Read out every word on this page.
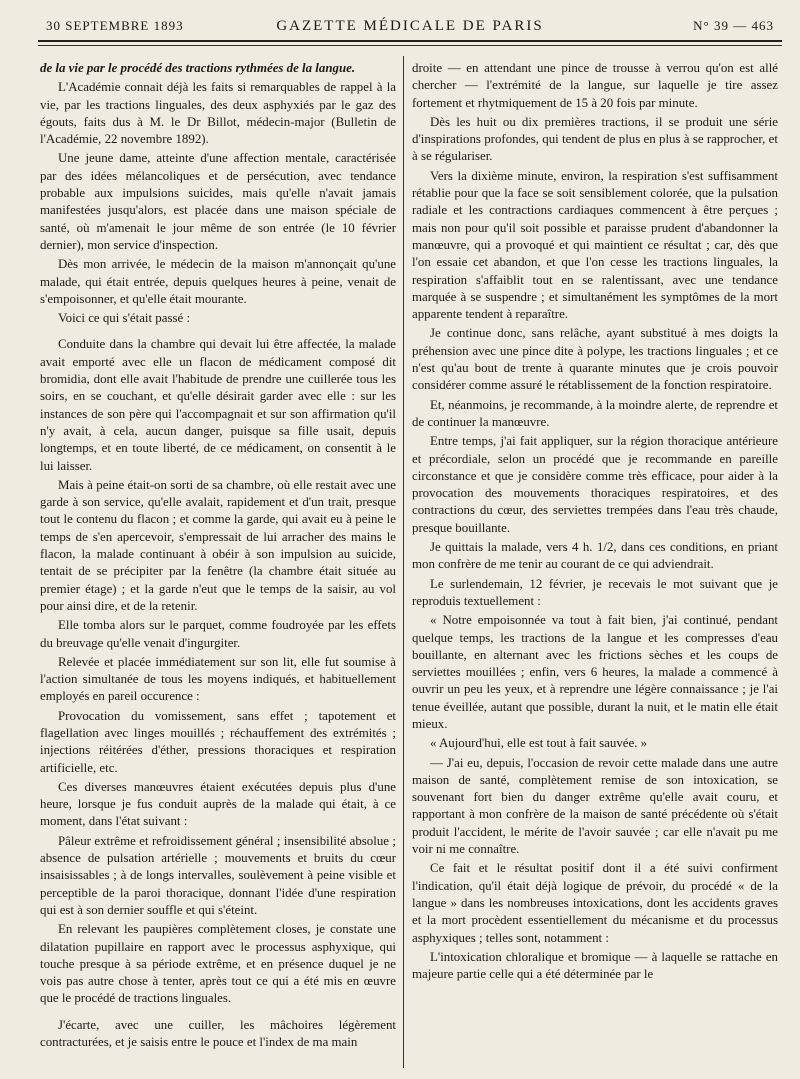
30 SEPTEMBRE 1893	GAZETTE MÉDICALE DE PARIS	N° 39 — 463

de la vie par le procédé des tractions rythmées de la langue.

L'Académie connait déjà les faits si remarquables de rappel à la vie, par les tractions linguales, des deux asphyxiés par le gaz des égouts, faits dus à M. le Dr Billot, médecin-major (Bulletin de l'Académie, 22 novembre 1892).

Une jeune dame, atteinte d'une affection mentale, caractérisée par des idées mélancoliques et de persécution, avec tendance probable aux impulsions suicides, mais qu'elle n'avait jamais manifestées jusqu'alors, est placée dans une maison spéciale de santé, où m'amenait le jour même de son entrée (le 10 février dernier), mon service d'inspection.

Dès mon arrivée, le médecin de la maison m'annonçait qu'une malade, qui était entrée, depuis quelques heures à peine, venait de s'empoisonner, et qu'elle était mourante.

Voici ce qui s'était passé :

Conduite dans la chambre qui devait lui être affectée, la malade avait emporté avec elle un flacon de médicament composé dit bromidia, dont elle avait l'habitude de prendre une cuillerée tous les soirs, en se couchant, et qu'elle désirait garder avec elle : sur les instances de son père qui l'accompagnait et sur son affirmation qu'il n'y avait, à cela, aucun danger, puisque sa fille usait, depuis longtemps, et en toute liberté, de ce médicament, on consentit à le lui laisser.

Mais à peine était-on sorti de sa chambre, où elle restait avec une garde à son service, qu'elle avalait, rapidement et d'un trait, presque tout le contenu du flacon ; et comme la garde, qui avait eu à peine le temps de s'en apercevoir, s'empressait de lui arracher des mains le flacon, la malade continuant à obéir à son impulsion au suicide, tentait de se précipiter par la fenêtre (la chambre était située au premier étage) ; et la garde n'eut que le temps de la saisir, au vol pour ainsi dire, et de la retenir.

Elle tomba alors sur le parquet, comme foudroyée par les effets du breuvage qu'elle venait d'ingurgiter.

Relevée et placée immédiatement sur son lit, elle fut soumise à l'action simultanée de tous les moyens indiqués, et habituellement employés en pareil occurence :

Provocation du vomissement, sans effet ; tapotement et flagellation avec linges mouillés ; réchauffement des extrémités ; injections réitérées d'éther, pressions thoraciques et respiration artificielle, etc.

Ces diverses manœuvres étaient exécutées depuis plus d'une heure, lorsque je fus conduit auprès de la malade qui était, à ce moment, dans l'état suivant :

Pâleur extrême et refroidissement général ; insensibilité absolue ; absence de pulsation artérielle ; mouvements et bruits du cœur insaisissables ; à de longs intervalles, soulèvement à peine visible et perceptible de la paroi thoracique, donnant l'idée d'une respiration qui est à son dernier souffle et qui s'éteint.

En relevant les paupières complètement closes, je constate une dilatation pupillaire en rapport avec le processus asphyxique, qui touche presque à sa période extrême, et en présence duquel je ne vois pas autre chose à tenter, après tout ce qui a été mis en œuvre que le procédé de tractions linguales.

J'écarte, avec une cuiller, les mâchoires légèrement contracturées, et je saisis entre le pouce et l'index de ma main

droite — en attendant une pince de trousse à verrou qu'on est allé chercher — l'extrémité de la langue, sur laquelle je tire assez fortement et rhytmiquement de 15 à 20 fois par minute.

Dès les huit ou dix premières tractions, il se produit une série d'inspirations profondes, qui tendent de plus en plus à se rapprocher, et à se régulariser.

Vers la dixième minute, environ, la respiration s'est suffisamment rétablie pour que la face se soit sensiblement colorée, que la pulsation radiale et les contractions cardiaques commencent à être perçues ; mais non pour qu'il soit possible et paraisse prudent d'abandonner la manœuvre, qui a provoqué et qui maintient ce résultat ; car, dès que l'on essaie cet abandon, et que l'on cesse les tractions linguales, la respiration s'affaiblit tout en se ralentissant, avec une tendance marquée à se suspendre ; et simultanément les symptômes de la mort apparente tendent à reparaître.

Je continue donc, sans relâche, ayant substitué à mes doigts la préhension avec une pince dite à polype, les tractions linguales ; et ce n'est qu'au bout de trente à quarante minutes que je crois pouvoir considérer comme assuré le rétablissement de la fonction respiratoire.

Et, néanmoins, je recommande, à la moindre alerte, de reprendre et de continuer la manœuvre.

Entre temps, j'ai fait appliquer, sur la région thoracique antérieure et précordiale, selon un procédé que je recommande en pareille circonstance et que je considère comme très efficace, pour aider à la provocation des mouvements thoraciques respiratoires, et des contractions du cœur, des serviettes trempées dans l'eau très chaude, presque bouillante.

Je quittais la malade, vers 4 h. 1/2, dans ces conditions, en priant mon confrère de me tenir au courant de ce qui adviendrait.

Le surlendemain, 12 février, je recevais le mot suivant que je reproduis textuellement :

« Notre empoisonnée va tout à fait bien, j'ai continué, pendant quelque temps, les tractions de la langue et les compresses d'eau bouillante, en alternant avec les frictions sèches et les coups de serviettes mouillées ; enfin, vers 6 heures, la malade a commencé à ouvrir un peu les yeux, et à reprendre une légère connaissance ; je l'ai tenue éveillée, autant que possible, durant la nuit, et le matin elle était mieux.

« Aujourd'hui, elle est tout à fait sauvée. »

— J'ai eu, depuis, l'occasion de revoir cette malade dans une autre maison de santé, complètement remise de son intoxication, se souvenant fort bien du danger extrême qu'elle avait couru, et rapportant à mon confrère de la maison de santé précédente où s'était produit l'accident, le mérite de l'avoir sauvée ; car elle n'avait pu me voir ni me connaître.

Ce fait et le résultat positif dont il a été suivi confirment l'indication, qu'il était déjà logique de prévoir, du procédé « de la langue » dans les nombreuses intoxications, dont les accidents graves et la mort procèdent essentiellement du mécanisme et du processus asphyxiques ; telles sont, notamment :

L'intoxication chloralique et bromique — à laquelle se rattache en majeure partie celle qui a été déterminée par le
